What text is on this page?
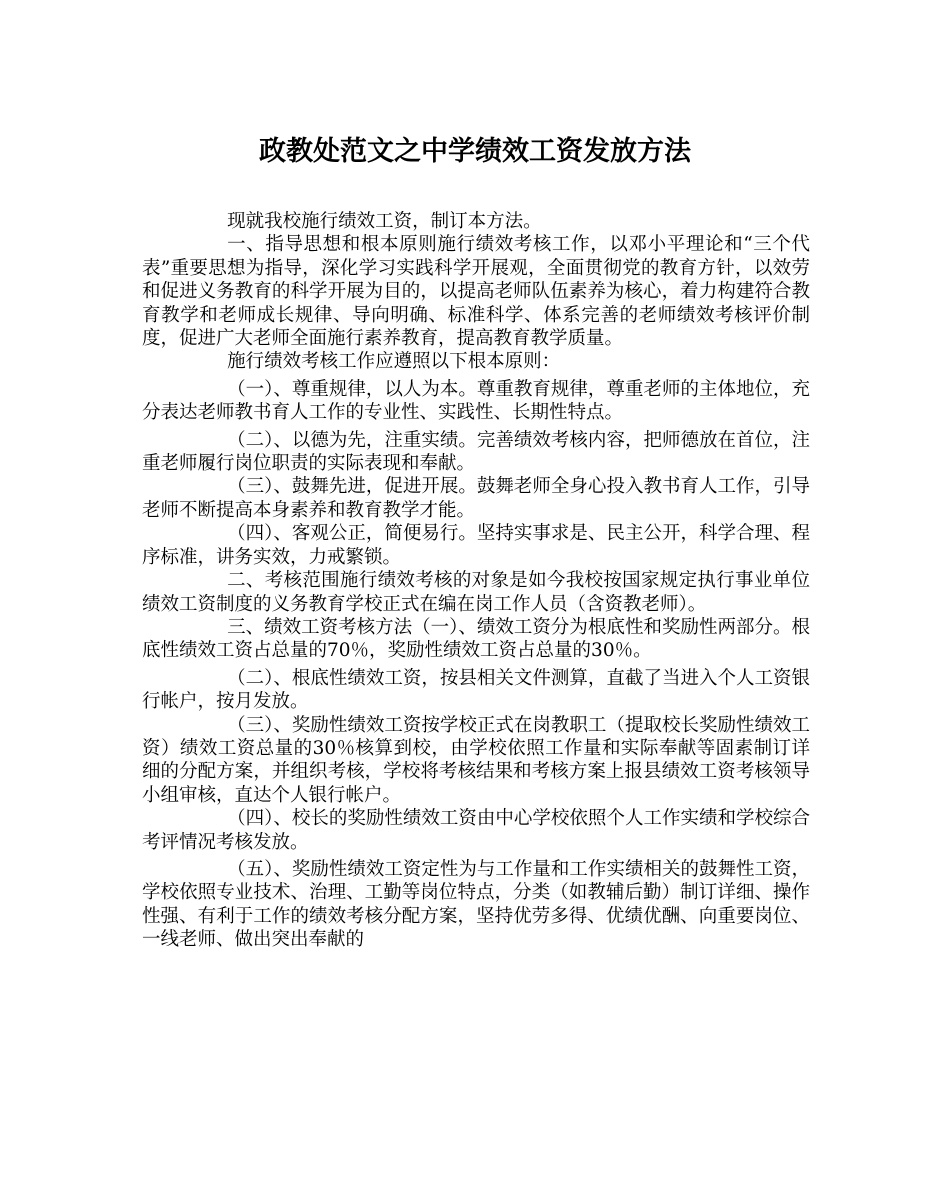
政教处范文之中学绩效工资发放方法

现就我校施行绩效工资，制订本方法。

一、指导思想和根本原则施行绩效考核工作，以邓小平理论和“三个代表”重要思想为指导，深化学习实践科学开展观，全面贯彻党的教育方针，以效劳和促进义务教育的科学开展为目的，以提高老师队伍素养为核心，着力构建符合教育教学和老师成长规律、导向明确、标准科学、体系完善的老师绩效考核评价制度，促进广大老师全面施行素养教育，提高教育教学质量。

施行绩效考核工作应遵照以下根本原则：

（一）、尊重规律，以人为本。尊重教育规律，尊重老师的主体地位，充分表达老师教书育人工作的专业性、实践性、长期性特点。

（二）、以德为先，注重实绩。完善绩效考核内容，把师德放在首位，注重老师履行岗位职责的实际表现和奉献。

（三）、鼓舞先进，促进开展。鼓舞老师全身心投入教书育人工作，引导老师不断提高本身素养和教育教学才能。

（四）、客观公正，简便易行。坚持实事求是、民主公开，科学合理、程序标准，讲务实效，力戒繁锁。

二、考核范围施行绩效考核的对象是如今我校按国家规定执行事业单位绩效工资制度的义务教育学校正式在编在岗工作人员（含资教老师）。

三、绩效工资考核方法（一）、绩效工资分为根底性和奖励性两部分。根底性绩效工资占总量的70％，奖励性绩效工资占总量的30％。

（二）、根底性绩效工资，按县相关文件测算，直截了当进入个人工资银行帐户，按月发放。

（三）、奖励性绩效工资按学校正式在岗教职工（提取校长奖励性绩效工资）绩效工资总量的30％核算到校，由学校依照工作量和实际奉献等固素制订详细的分配方案，并组织考核，学校将考核结果和考核方案上报县绩效工资考核领导小组审核，直达个人银行帐户。

（四）、校长的奖励性绩效工资由中心学校依照个人工作实绩和学校综合考评情况考核发放。

（五）、奖励性绩效工资定性为与工作量和工作实绩相关的鼓舞性工资，学校依照专业技术、治理、工勤等岗位特点，分类（如教辅后勤）制订详细、操作性强、有利于工作的绩效考核分配方案，坚持优劳多得、优绩优酬、向重要岗位、一线老师、做出突出奉献的
